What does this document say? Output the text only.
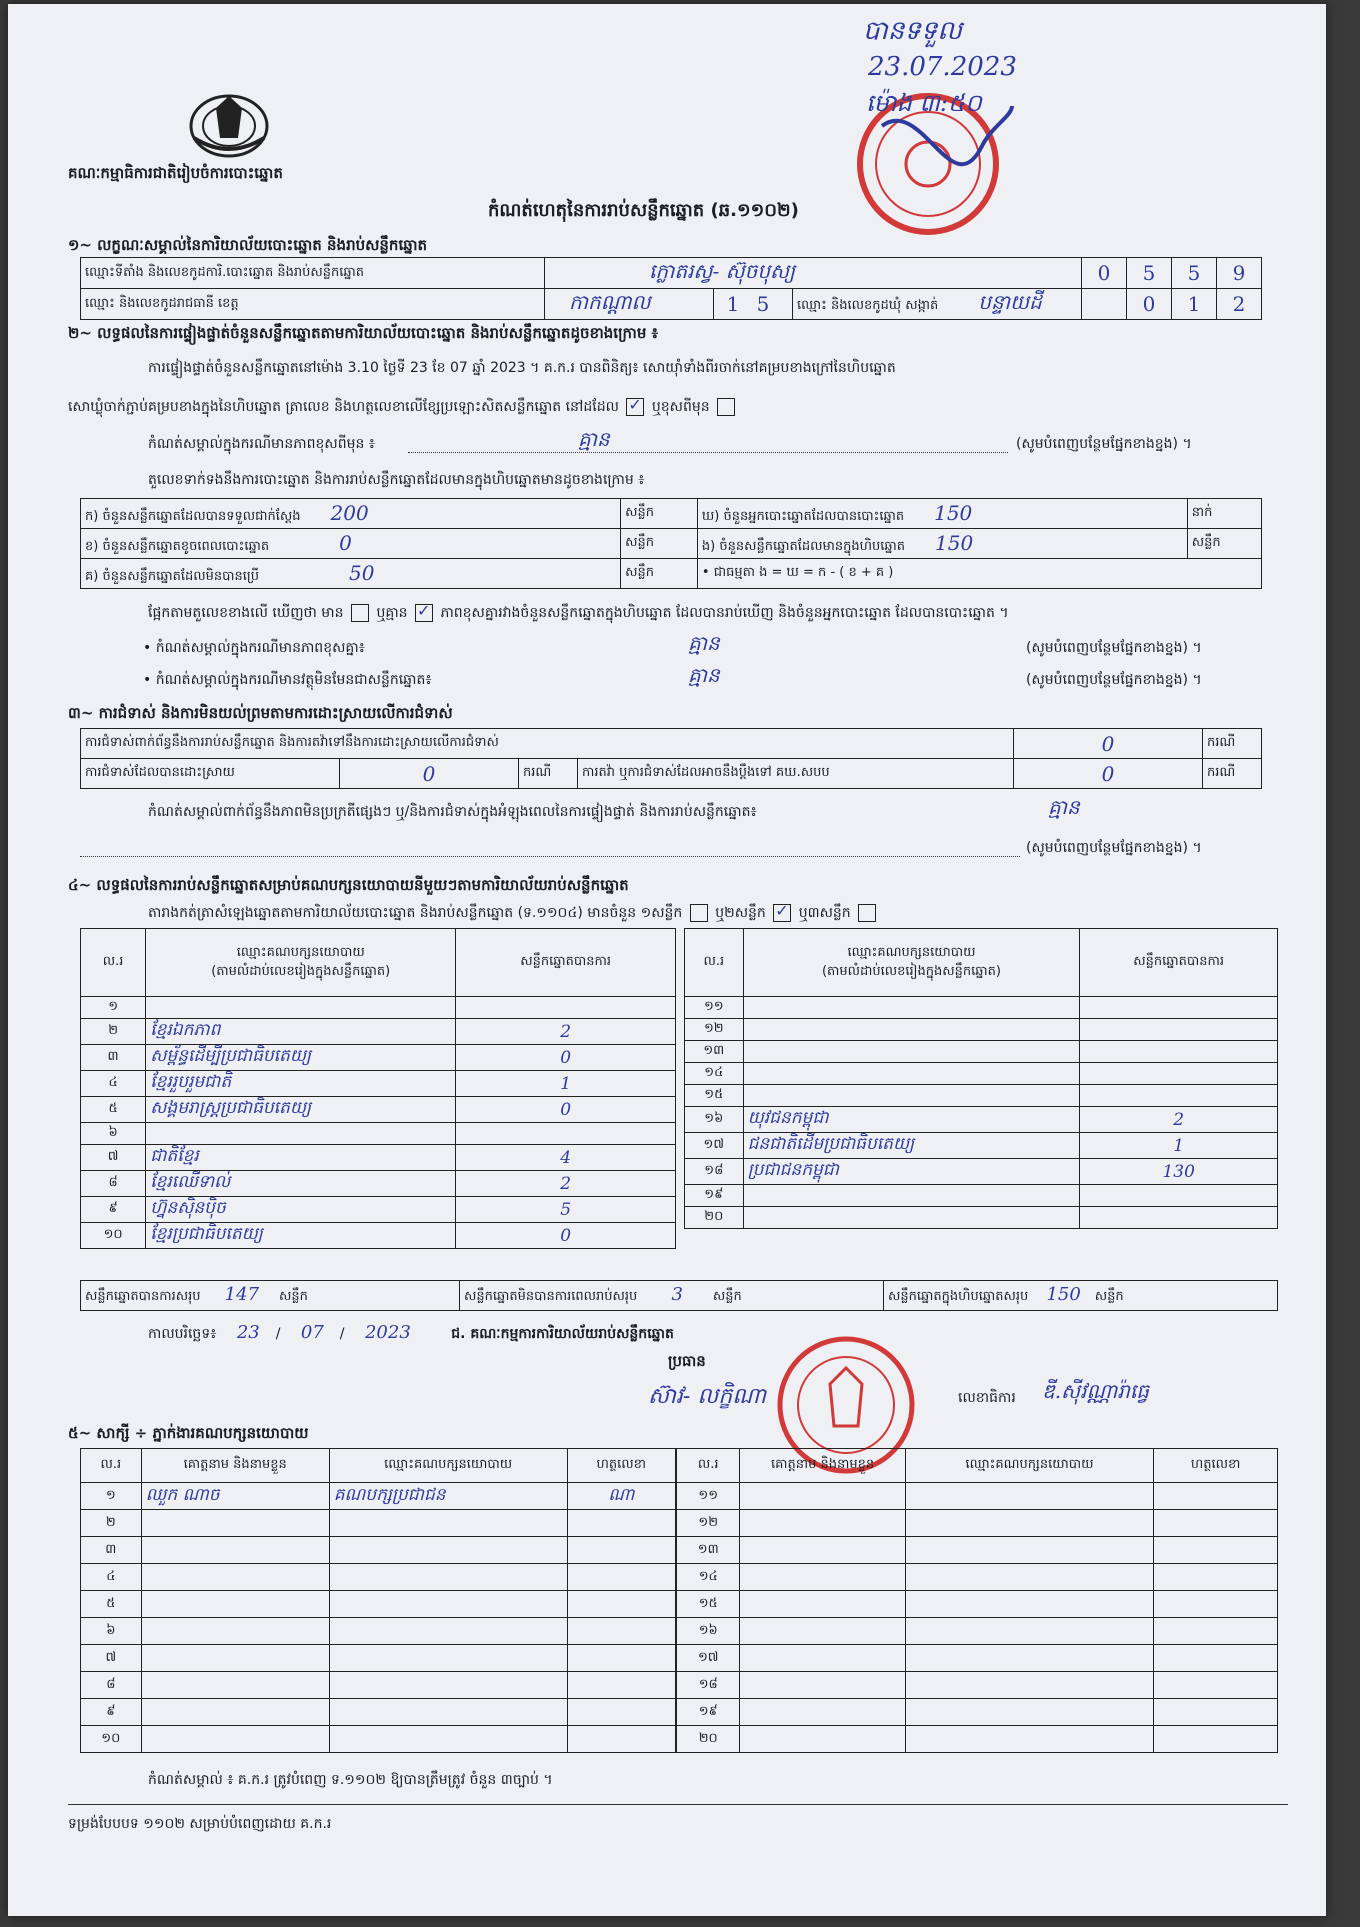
គណៈកម្មាធិការជាតិរៀបចំការបោះឆ្នោត
កំណត់ហេតុនៃការរាប់សន្លឹកឆ្នោត (ឆ.១១០២)
បានទទួល
23.07.2023
ម៉ោង ៣:៥០
១~ លក្ខណៈសម្គាល់នៃការិយាល័យបោះឆ្នោត និងរាប់សន្លឹកឆ្នោត
ឈ្មោះទីតាំង និងលេខកូដការិ.បោះឆ្នោត និងរាប់សន្លឹកឆ្នោត	ក្លោតរស្វ- ស៊ុចបុស្យ			0	5	5	9
ឈ្មោះ និងលេខកូដរាជធានី ខេត្ត	កាកណ្តាល	1 5	ឈ្មោះ និងលេខកូដឃុំ សង្កាត់ បន្ទាយដី		0	1	2
២~ លទ្ធផលនៃការផ្ទៀងផ្ទាត់ចំនួនសន្លឹកឆ្នោតតាមការិយាល័យបោះឆ្នោត និងរាប់សន្លឹកឆ្នោតដូចខាងក្រោម ៖
ការផ្ទៀងផ្ទាត់ចំនួនសន្លឹកឆ្នោតនៅម៉ោង 3.10 ថ្ងៃទី 23 ខែ 07 ឆ្នាំ 2023 ។ គ.ក.រ បានពិនិត្យ៖ សោយ៉ាំទាំងពីរចាក់នៅគម្របខាងក្រៅនៃហិបឆ្នោត
សោឃ្លុំចាក់ភ្ជាប់គម្របខាងក្នុងនៃហិបឆ្នោត ត្រាលេខ និងហត្ថលេខាលើខ្សែប្រឡោះសិតសន្លឹកឆ្នោត នៅដដែល ✓ ឬខុសពីមុន
កំណត់សម្គាល់ក្នុងករណីមានភាពខុសពីមុន ៖	គ្មាន	(សូមបំពេញបន្ថែមផ្នែកខាងខ្នង) ។
តួលេខទាក់ទងនឹងការបោះឆ្នោត និងការរាប់សន្លឹកឆ្នោតដែលមានក្នុងហិបឆ្នោតមានដូចខាងក្រោម ៖
ក) ចំនួនសន្លឹកឆ្នោតដែលបានទទួលជាក់ស្តែង 200	សន្លឹក	ឃ) ចំនួនអ្នកបោះឆ្នោតដែលបានបោះឆ្នោត 150	នាក់
ខ) ចំនួនសន្លឹកឆ្នោតខូចពេលបោះឆ្នោត 0	សន្លឹក	ង) ចំនួនសន្លឹកឆ្នោតដែលមានក្នុងហិបឆ្នោត 150	សន្លឹក
គ) ចំនួនសន្លឹកឆ្នោតដែលមិនបានប្រើ 50	សន្លឹក	• ជាធម្មតា ង = ឃ = ក - ( ខ + គ )	
ផ្អែកតាមតួលេខខាងលើ ឃើញថា មាន ឬគ្មាន ✓ ភាពខុសគ្នារវាងចំនួនសន្លឹកឆ្នោតក្នុងហិបឆ្នោត ដែលបានរាប់ឃើញ និងចំនួនអ្នកបោះឆ្នោត ដែលបានបោះឆ្នោត ។
• កំណត់សម្គាល់ក្នុងករណីមានភាពខុសគ្នា៖	គ្មាន	(សូមបំពេញបន្ថែមផ្នែកខាងខ្នង) ។
• កំណត់សម្គាល់ក្នុងករណីមានវត្ថុមិនមែនជាសន្លឹកឆ្នោត៖	គ្មាន	(សូមបំពេញបន្ថែមផ្នែកខាងខ្នង) ។
៣~ ការជំទាស់ និងការមិនយល់ព្រមតាមការដោះស្រាយលើការជំទាស់
ការជំទាស់ពាក់ព័ន្ធនឹងការរាប់សន្លឹកឆ្នោត និងការតវ៉ាទៅនឹងការដោះស្រាយលើការជំទាស់				0	ករណី
ការជំទាស់ដែលបានដោះស្រាយ	0	ករណី	ការតវ៉ា ឬការជំទាស់ដែលអាចនឹងប្តឹងទៅ គឃ.សបប	0	ករណី
កំណត់សម្គាល់ពាក់ព័ន្ធនឹងភាពមិនប្រក្រតីផ្សេងៗ ឬ/និងការជំទាស់ក្នុងអំឡុងពេលនៃការផ្ទៀងផ្ទាត់ និងការរាប់សន្លឹកឆ្នោត៖	គ្មាន
(សូមបំពេញបន្ថែមផ្នែកខាងខ្នង) ។
៤~ លទ្ធផលនៃការរាប់សន្លឹកឆ្នោតសម្រាប់គណបក្សនយោបាយនីមួយៗតាមការិយាល័យរាប់សន្លឹកឆ្នោត
តារាងកត់ត្រាសំឡេងឆ្នោតតាមការិយាល័យបោះឆ្នោត និងរាប់សន្លឹកឆ្នោត (ទ.១១០៤) មានចំនួន ១សន្លឹក ឬ២សន្លឹក ✓ ឬ៣សន្លឹក
ល.រ	ឈ្មោះគណបក្សនយោបាយ
(តាមលំដាប់លេខរៀងក្នុងសន្លឹកឆ្នោត)	សន្លឹកឆ្នោតបានការ
១		
២	ខ្មែរឯកភាព	2
៣	សម្ព័ន្ធដើម្បីប្រជាធិបតេយ្យ	0
៤	ខ្មែររួបរួមជាតិ	1
៥	សង្គមរាស្ត្រប្រជាធិបតេយ្យ	0
៦		
៧	ជាតិខ្មែរ	4
៨	ខ្មែរឈើទាល់	2
៩	ហ្វ៊ុនស៊ិនប៉ិច	5
១០	ខ្មែរប្រជាធិបតេយ្យ	0
ល.រ	ឈ្មោះគណបក្សនយោបាយ
(តាមលំដាប់លេខរៀងក្នុងសន្លឹកឆ្នោត)	សន្លឹកឆ្នោតបានការ
១១		
១២		
១៣		
១៤		
១៥		
១៦	យុវជនកម្ពុជា	2
១៧	ជនជាតិដើមប្រជាធិបតេយ្យ	1
១៨	ប្រជាជនកម្ពុជា	130
១៩		
២០		
សន្លឹកឆ្នោតបានការសរុប 147 សន្លឹក	សន្លឹកឆ្នោតមិនបានការពេលរាប់សរុប 3 សន្លឹក	សន្លឹកឆ្នោតក្នុងហិបឆ្នោតសរុប 150 សន្លឹក
កាលបរិច្ឆេទ៖ 23 / 07 / 2023	ជ. គណៈកម្មការការិយាល័យរាប់សន្លឹកឆ្នោត
ប្រធាន
ស៊ាវ- លក្ខិណា	លេខាធិការ ឌី.ស៊ីវណ្ណារ៉ាធ្វេ
៥~ សាក្សី ÷ ភ្នាក់ងារគណបក្សនយោបាយ
ល.រ	គោត្តនាម និងនាមខ្លួន	ឈ្មោះគណបក្សនយោបាយ	ហត្ថលេខា
១	ឈួក ណាច	គណបក្សប្រជាជន	ណា
២			
៣			
៤			
៥			
៦			
៧			
៨			
៩			
១០			
ល.រ	គោត្តនាម និងនាមខ្លួន	ឈ្មោះគណបក្សនយោបាយ	ហត្ថលេខា
១១			
១២			
១៣			
១៤			
១៥			
១៦			
១៧			
១៨			
១៩			
២០			
កំណត់សម្គាល់ ៖ គ.ក.រ ត្រូវបំពេញ ទ.១១០២ ឱ្យបានត្រឹមត្រូវ ចំនួន ៣ច្បាប់ ។
ទម្រង់បែបបទ ១១០២ សម្រាប់បំពេញដោយ គ.ក.រ
